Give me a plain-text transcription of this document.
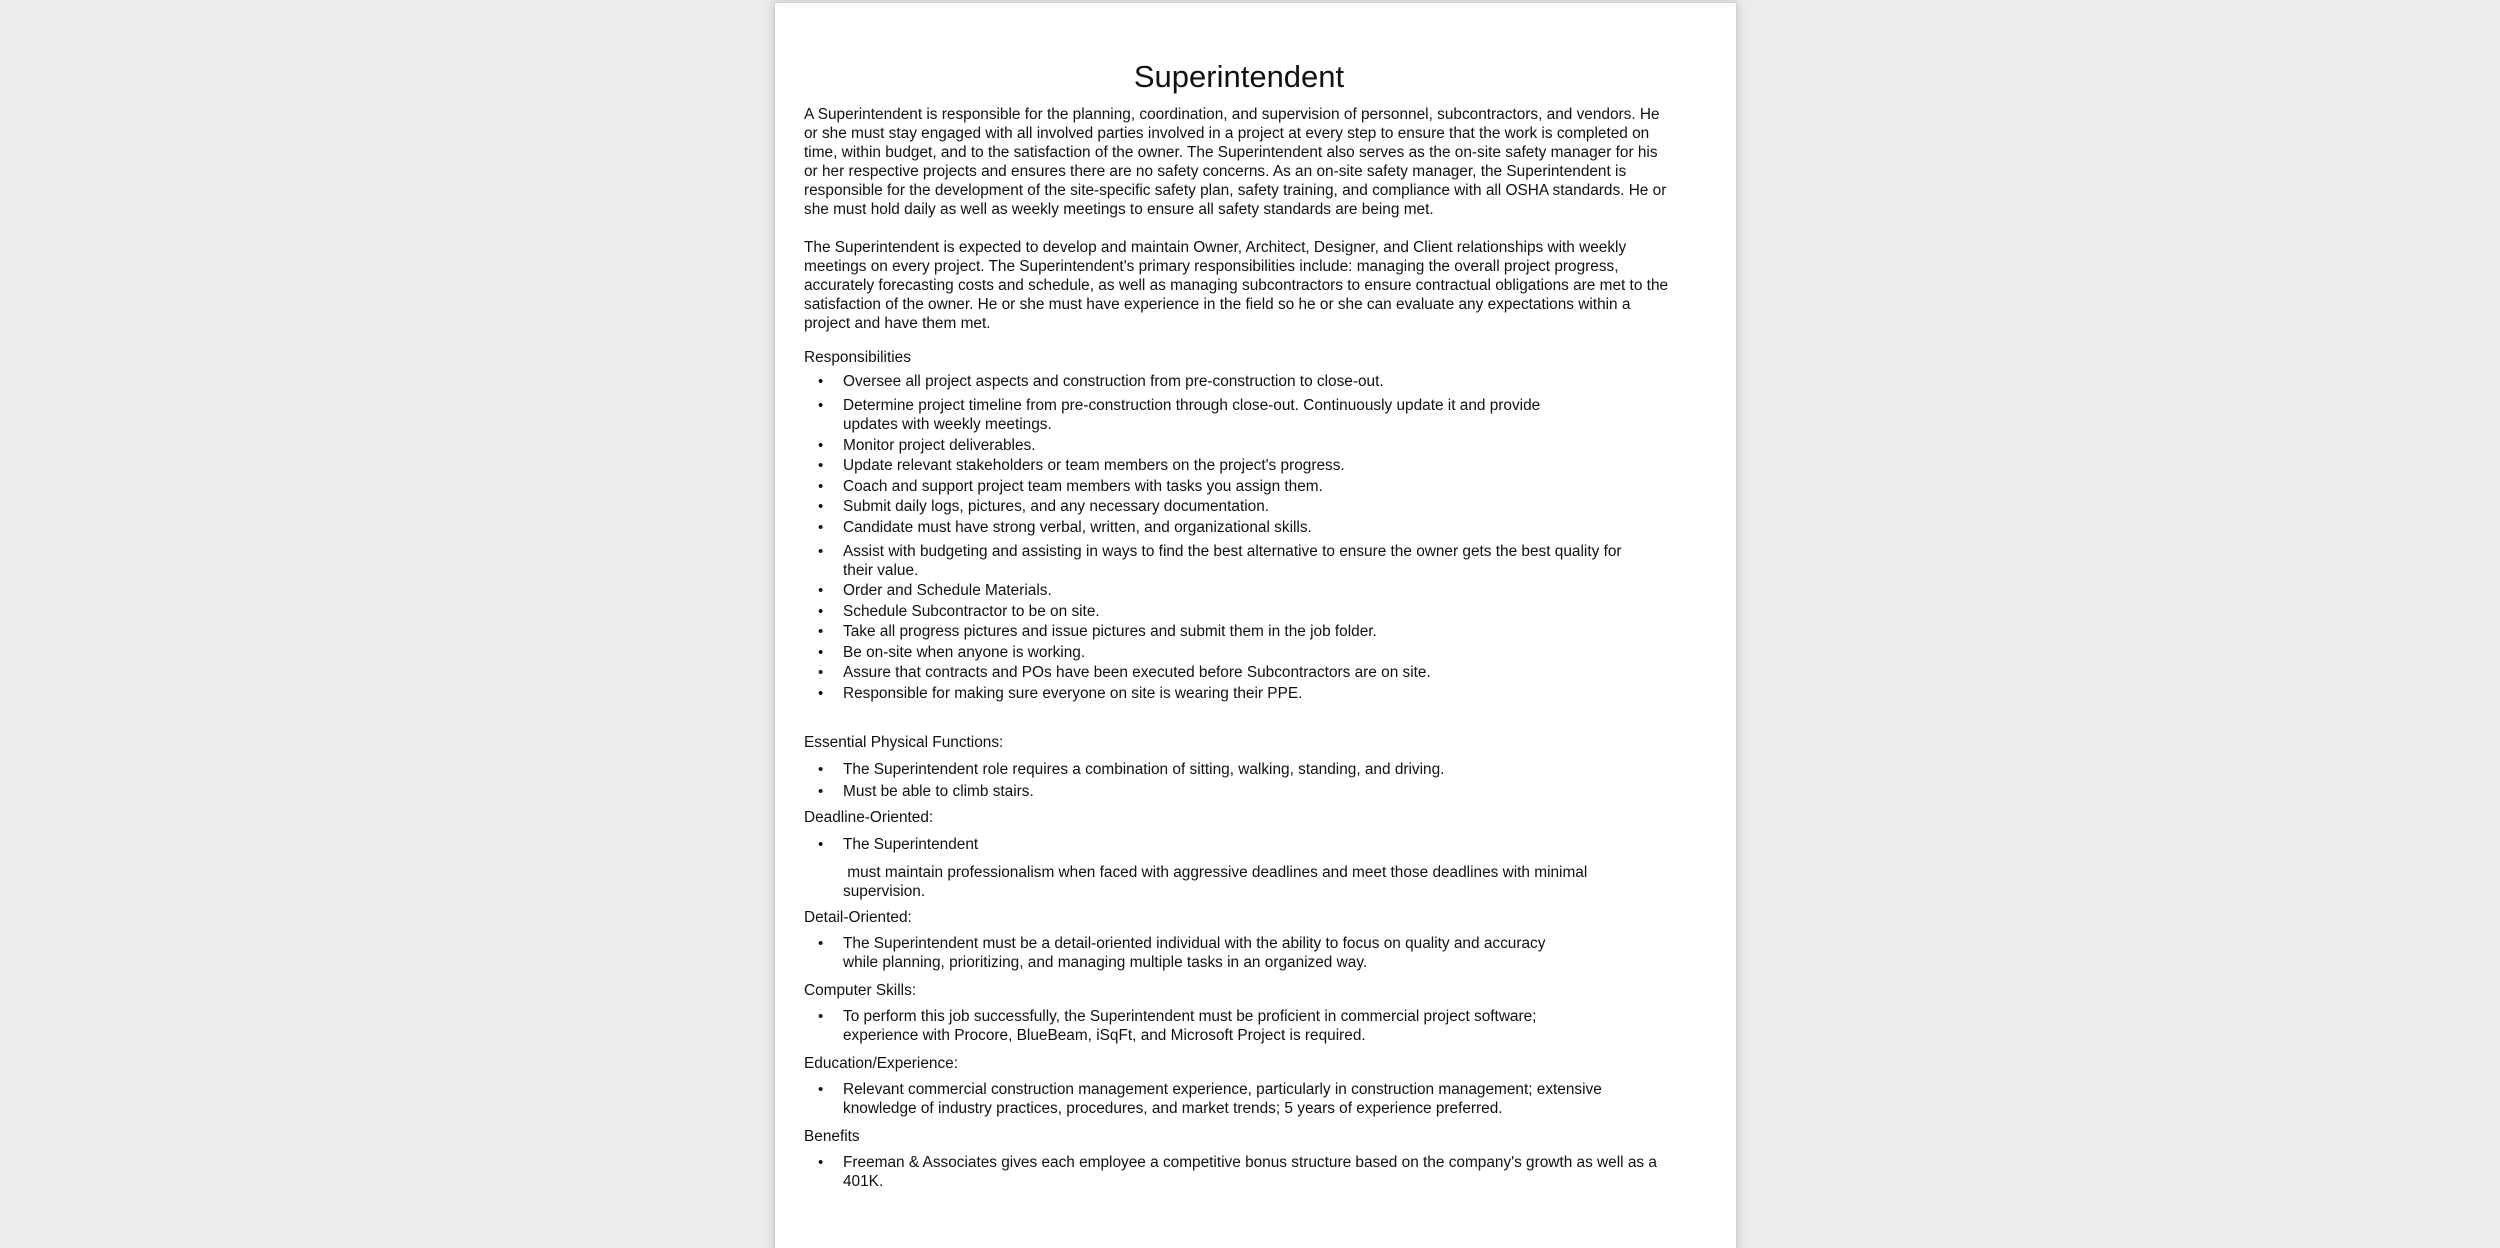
Superintendent

A Superintendent is responsible for the planning, coordination, and supervision of personnel, subcontractors, and vendors. He or she must stay engaged with all involved parties involved in a project at every step to ensure that the work is completed on time, within budget, and to the satisfaction of the owner. The Superintendent also serves as the on-site safety manager for his or her respective projects and ensures there are no safety concerns. As an on-site safety manager, the Superintendent is responsible for the development of the site-specific safety plan, safety training, and compliance with all OSHA standards. He or she must hold daily as well as weekly meetings to ensure all safety standards are being met.

The Superintendent is expected to develop and maintain Owner, Architect, Designer, and Client relationships with weekly meetings on every project. The Superintendent's primary responsibilities include: managing the overall project progress, accurately forecasting costs and schedule, as well as managing subcontractors to ensure contractual obligations are met to the satisfaction of the owner. He or she must have experience in the field so he or she can evaluate any expectations within a project and have them met.

Responsibilities
• Oversee all project aspects and construction from pre-construction to close-out.
• Determine project timeline from pre-construction through close-out. Continuously update it and provide updates with weekly meetings.
• Monitor project deliverables.
• Update relevant stakeholders or team members on the project's progress.
• Coach and support project team members with tasks you assign them.
• Submit daily logs, pictures, and any necessary documentation.
• Candidate must have strong verbal, written, and organizational skills.
• Assist with budgeting and assisting in ways to find the best alternative to ensure the owner gets the best quality for their value.
• Order and Schedule Materials.
• Schedule Subcontractor to be on site.
• Take all progress pictures and issue pictures and submit them in the job folder.
• Be on-site when anyone is working.
• Assure that contracts and POs have been executed before Subcontractors are on site.
• Responsible for making sure everyone on site is wearing their PPE.
Essential Physical Functions:
• The Superintendent role requires a combination of sitting, walking, standing, and driving.
• Must be able to climb stairs.
Deadline-Oriented:
• The Superintendent
must maintain professionalism when faced with aggressive deadlines and meet those deadlines with minimal supervision.
Detail-Oriented:
• The Superintendent must be a detail-oriented individual with the ability to focus on quality and accuracy
while planning, prioritizing, and managing multiple tasks in an organized way.
Computer Skills:
• To perform this job successfully, the Superintendent must be proficient in commercial project software;
experience with Procore, BlueBeam, iSqFt, and Microsoft Project is required.
Education/Experience:
• Relevant commercial construction management experience, particularly in construction management; extensive knowledge of industry practices, procedures, and market trends; 5 years of experience preferred.
Benefits
• Freeman & Associates gives each employee a competitive bonus structure based on the company's growth as well as a 401K.
